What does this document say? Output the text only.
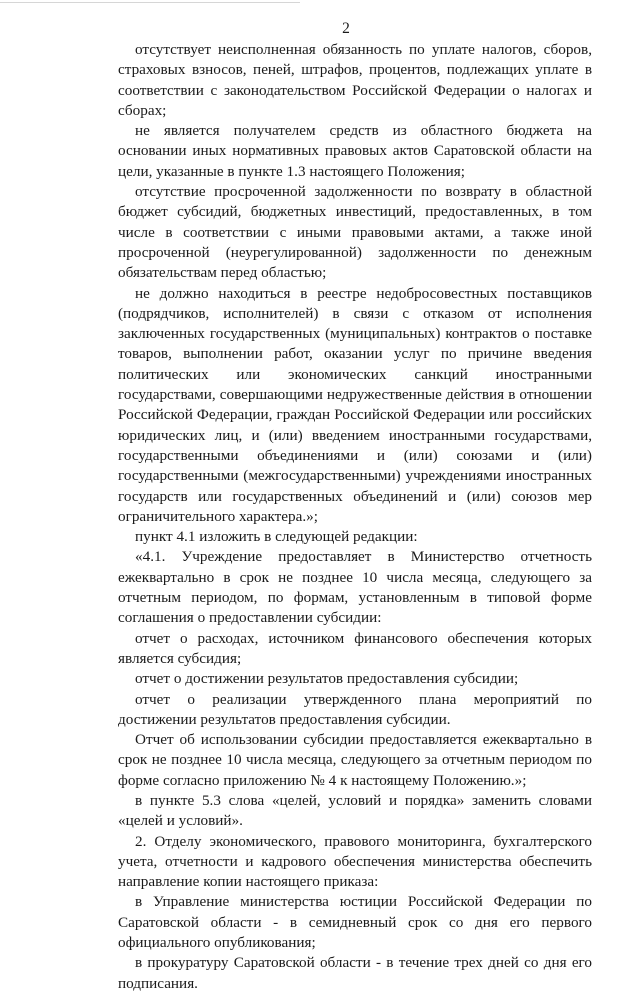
2

отсутствует неисполненная обязанность по уплате налогов, сборов, страховых взносов, пеней, штрафов, процентов, подлежащих уплате в соответствии с законодательством Российской Федерации о налогах и сборах;

не является получателем средств из областного бюджета на основании иных нормативных правовых актов Саратовской области на цели, указанные в пункте 1.3 настоящего Положения;

отсутствие просроченной задолженности по возврату в областной бюджет субсидий, бюджетных инвестиций, предоставленных, в том числе в соответствии с иными правовыми актами, а также иной просроченной (неурегулированной) задолженности по денежным обязательствам перед областью;

не должно находиться в реестре недобросовестных поставщиков (подрядчиков, исполнителей) в связи с отказом от исполнения заключенных государственных (муниципальных) контрактов о поставке товаров, выполнении работ, оказании услуг по причине введения политических или экономических санкций иностранными государствами, совершающими недружественные действия в отношении Российской Федерации, граждан Российской Федерации или российских юридических лиц, и (или) введением иностранными государствами, государственными объединениями и (или) союзами и (или) государственными (межгосударственными) учреждениями иностранных государств или государственных объединений и (или) союзов мер ограничительного характера.»;

пункт 4.1 изложить в следующей редакции:

«4.1. Учреждение предоставляет в Министерство отчетность ежеквартально в срок не позднее 10 числа месяца, следующего за отчетным периодом, по формам, установленным в типовой форме соглашения о предоставлении субсидии:

отчет о расходах, источником финансового обеспечения которых является субсидия;

отчет о достижении результатов предоставления субсидии;

отчет о реализации утвержденного плана мероприятий по достижении результатов предоставления субсидии.

Отчет об использовании субсидии предоставляется ежеквартально в срок не позднее 10 числа месяца, следующего за отчетным периодом по форме согласно приложению № 4 к настоящему Положению.»;

в пункте 5.3 слова «целей, условий и порядка» заменить словами «целей и условий».

2. Отделу экономического, правового мониторинга, бухгалтерского учета, отчетности и кадрового обеспечения министерства обеспечить направление копии настоящего приказа:

в Управление министерства юстиции Российской Федерации по Саратовской области - в семидневный срок со дня его первого официального опубликования;

в прокуратуру Саратовской области - в течение трех дней со дня его подписания.
